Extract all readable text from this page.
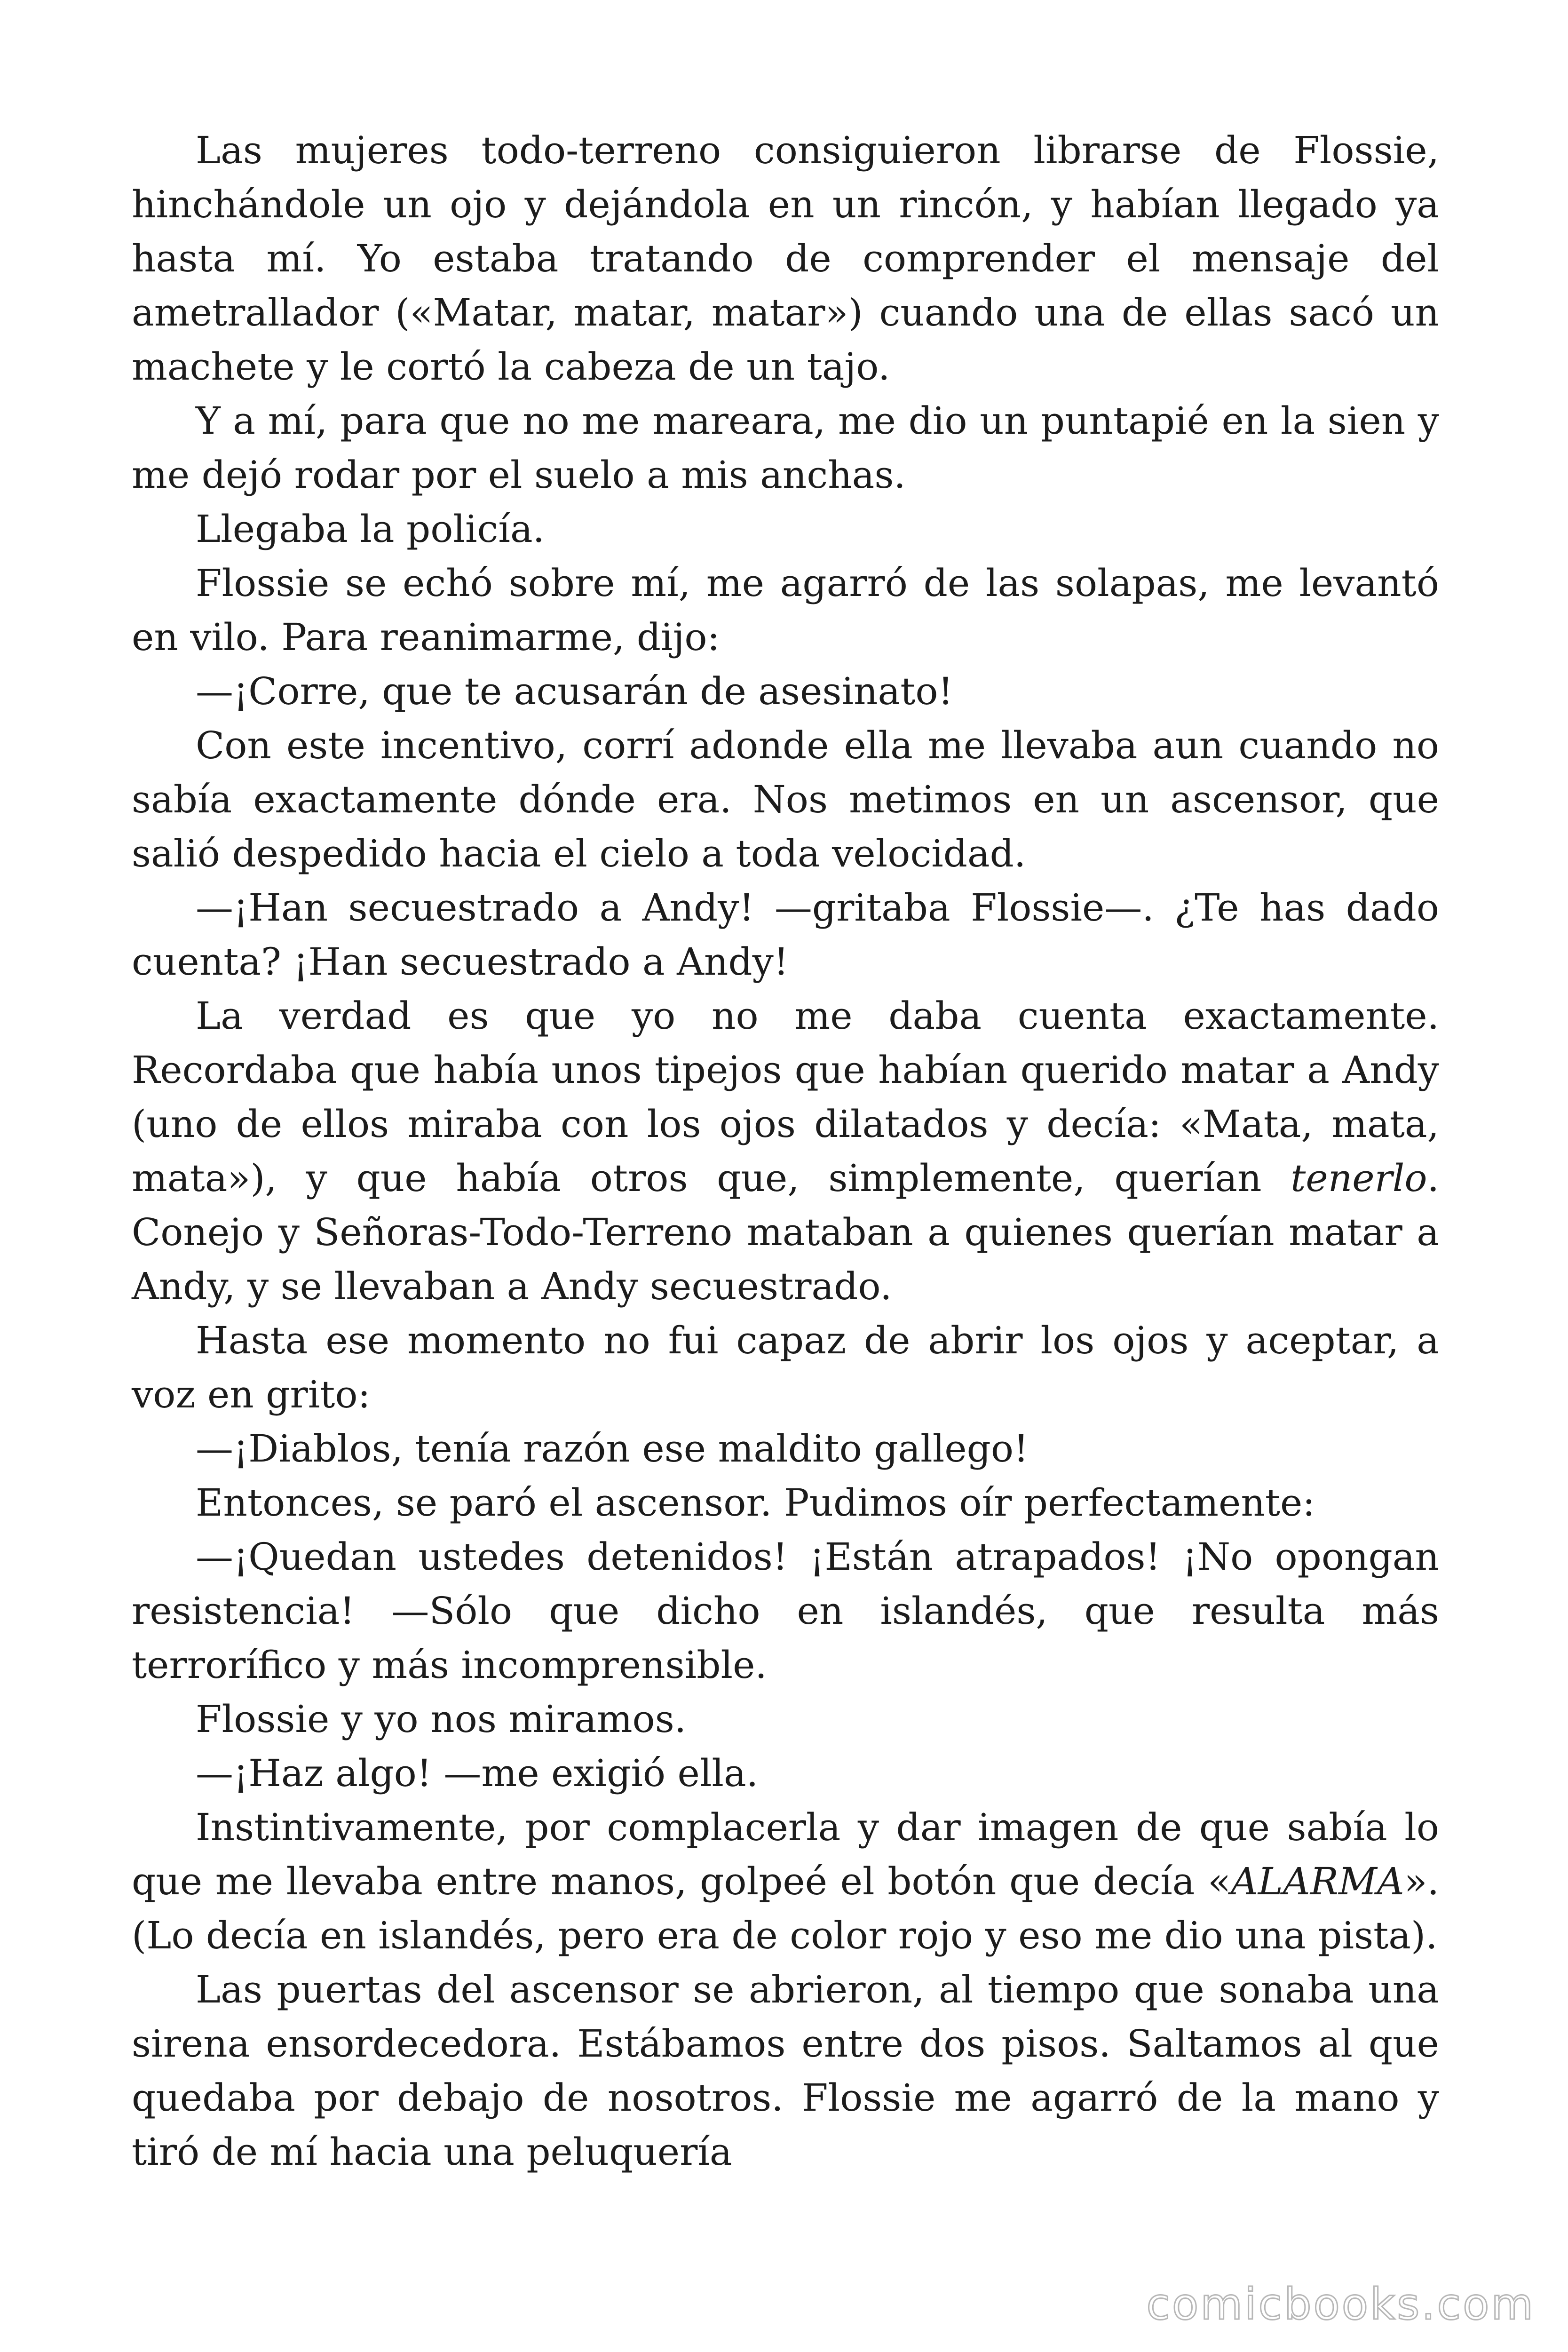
Las mujeres todo-terreno consiguieron librarse de Flossie, hinchándole un ojo y dejándola en un rincón, y habían llegado ya hasta mí. Yo estaba tratando de comprender el mensaje del ametrallador («Matar, matar, matar») cuando una de ellas sacó un machete y le cortó la cabeza de un tajo.

Y a mí, para que no me mareara, me dio un puntapié en la sien y me dejó rodar por el suelo a mis anchas.

Llegaba la policía.

Flossie se echó sobre mí, me agarró de las solapas, me levantó en vilo. Para reanimarme, dijo:

—¡Corre, que te acusarán de asesinato!

Con este incentivo, corrí adonde ella me llevaba aun cuando no sabía exactamente dónde era. Nos metimos en un ascensor, que salió despedido hacia el cielo a toda velocidad.

—¡Han secuestrado a Andy! —gritaba Flossie—. ¿Te has dado cuenta? ¡Han secuestrado a Andy!

La verdad es que yo no me daba cuenta exactamente. Recordaba que había unos tipejos que habían querido matar a Andy (uno de ellos miraba con los ojos dilatados y decía: «Mata, mata, mata»), y que había otros que, simplemente, querían tenerlo. Conejo y Señoras-Todo-Terreno mataban a quienes querían matar a Andy, y se llevaban a Andy secuestrado.

Hasta ese momento no fui capaz de abrir los ojos y aceptar, a voz en grito:

—¡Diablos, tenía razón ese maldito gallego!

Entonces, se paró el ascensor. Pudimos oír perfectamente:

—¡Quedan ustedes detenidos! ¡Están atrapados! ¡No opongan resistencia! —Sólo que dicho en islandés, que resulta más terrorífico y más incomprensible.

Flossie y yo nos miramos.

—¡Haz algo! —me exigió ella.

Instintivamente, por complacerla y dar imagen de que sabía lo que me llevaba entre manos, golpeé el botón que decía «ALARMA». (Lo decía en islandés, pero era de color rojo y eso me dio una pista).

Las puertas del ascensor se abrieron, al tiempo que sonaba una sirena ensordecedora. Estábamos entre dos pisos. Saltamos al que quedaba por debajo de nosotros. Flossie me agarró de la mano y tiró de mí hacia una peluquería

comicbooks.com
